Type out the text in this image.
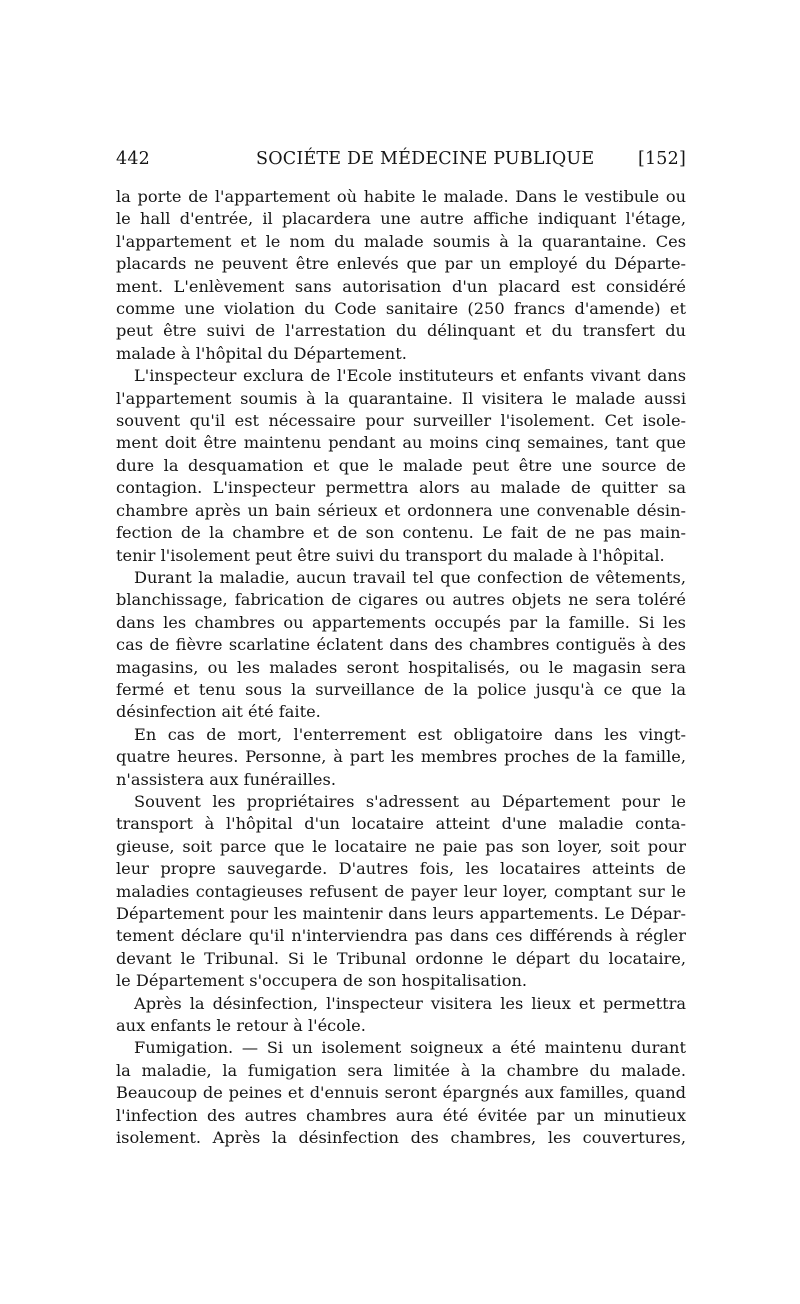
442	SOCIÉTE DE MÉDECINE PUBLIQUE [152]
la porte de l'appartement où habite le malade. Dans le vestibule ou
le hall d'entrée, il placardera une autre affiche indiquant l'étage,
l'appartement et le nom du malade soumis à la quarantaine. Ces
placards ne peuvent être enlevés que par un employé du Départe-
ment. L'enlèvement sans autorisation d'un placard est considéré
comme une violation du Code sanitaire (250 francs d'amende) et
peut être suivi de l'arrestation du délinquant et du transfert du
malade à l'hôpital du Département.
L'inspecteur exclura de l'Ecole instituteurs et enfants vivant dans
l'appartement soumis à la quarantaine. Il visitera le malade aussi
souvent qu'il est nécessaire pour surveiller l'isolement. Cet isole-
ment doit être maintenu pendant au moins cinq semaines, tant que
dure la desquamation et que le malade peut être une source de
contagion. L'inspecteur permettra alors au malade de quitter sa
chambre après un bain sérieux et ordonnera une convenable désin-
fection de la chambre et de son contenu. Le fait de ne pas main-
tenir l'isolement peut être suivi du transport du malade à l'hôpital.
Durant la maladie, aucun travail tel que confection de vêtements,
blanchissage, fabrication de cigares ou autres objets ne sera toléré
dans les chambres ou appartements occupés par la famille. Si les
cas de fièvre scarlatine éclatent dans des chambres contiguës à des
magasins, ou les malades seront hospitalisés, ou le magasin sera
fermé et tenu sous la surveillance de la police jusqu'à ce que la
désinfection ait été faite.
En cas de mort, l'enterrement est obligatoire dans les vingt-
quatre heures. Personne, à part les membres proches de la famille,
n'assistera aux funérailles.
Souvent les propriétaires s'adressent au Département pour le
transport à l'hôpital d'un locataire atteint d'une maladie conta-
gieuse, soit parce que le locataire ne paie pas son loyer, soit pour
leur propre sauvegarde. D'autres fois, les locataires atteints de
maladies contagieuses refusent de payer leur loyer, comptant sur le
Département pour les maintenir dans leurs appartements. Le Dépar-
tement déclare qu'il n'interviendra pas dans ces différends à régler
devant le Tribunal. Si le Tribunal ordonne le départ du locataire,
le Département s'occupera de son hospitalisation.
Après la désinfection, l'inspecteur visitera les lieux et permettra
aux enfants le retour à l'école.
Fumigation. — Si un isolement soigneux a été maintenu durant
la maladie, la fumigation sera limitée à la chambre du malade.
Beaucoup de peines et d'ennuis seront épargnés aux familles, quand
l'infection des autres chambres aura été évitée par un minutieux
isolement. Après la désinfection des chambres, les couvertures,
